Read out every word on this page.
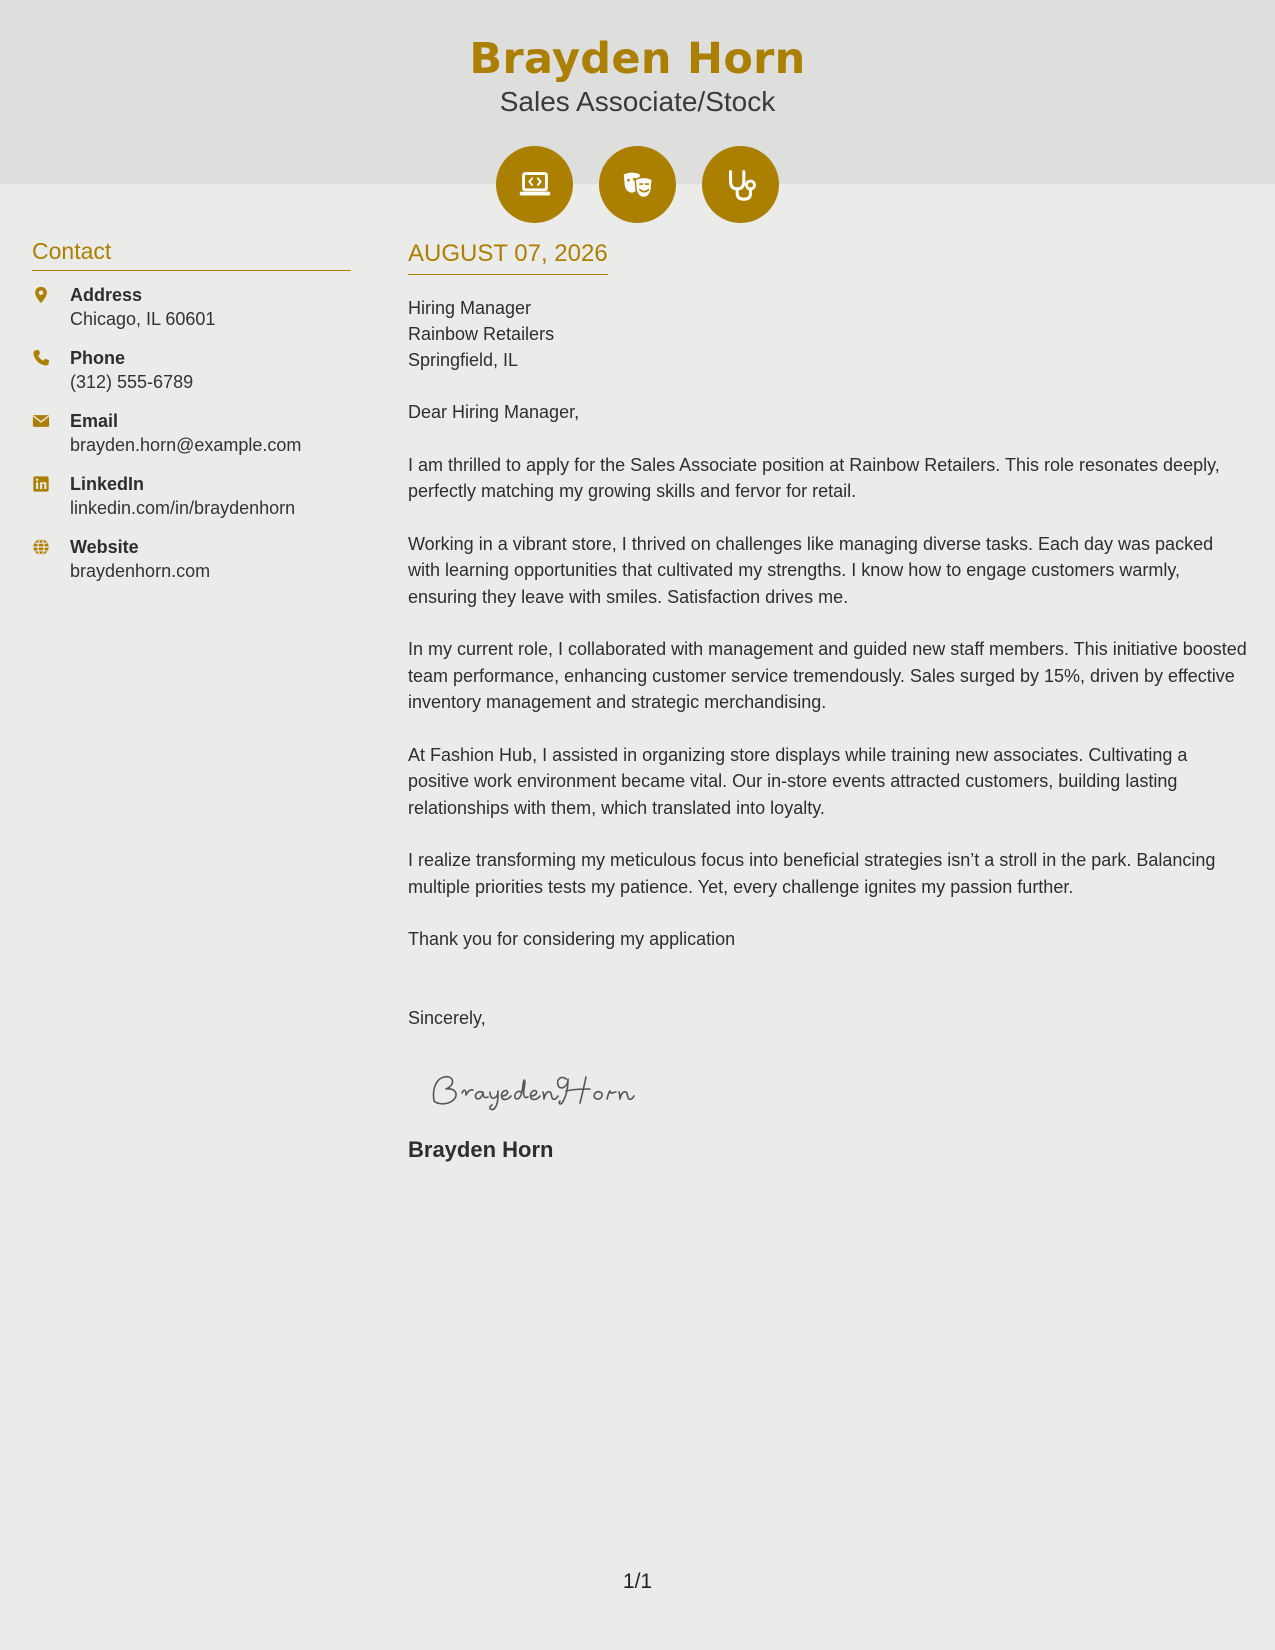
Brayden Horn
Sales Associate/Stock
Contact
Address
Chicago, IL 60601
Phone
(312) 555-6789
Email
brayden.horn@example.com
LinkedIn
linkedin.com/in/braydenhorn
Website
braydenhorn.com
AUGUST 07, 2026
Hiring Manager
Rainbow Retailers
Springfield, IL

Dear Hiring Manager,

I am thrilled to apply for the Sales Associate position at Rainbow Retailers. This role resonates deeply, perfectly matching my growing skills and fervor for retail.

Working in a vibrant store, I thrived on challenges like managing diverse tasks. Each day was packed with learning opportunities that cultivated my strengths. I know how to engage customers warmly, ensuring they leave with smiles. Satisfaction drives me.

In my current role, I collaborated with management and guided new staff members. This initiative boosted team performance, enhancing customer service tremendously. Sales surged by 15%, driven by effective inventory management and strategic merchandising.

At Fashion Hub, I assisted in organizing store displays while training new associates. Cultivating a positive work environment became vital. Our in-store events attracted customers, building lasting relationships with them, which translated into loyalty.

I realize transforming my meticulous focus into beneficial strategies isn’t a stroll in the park. Balancing multiple priorities tests my patience. Yet, every challenge ignites my passion further.

Thank you for considering my application

Sincerely,

Brayden Horn
1/1
